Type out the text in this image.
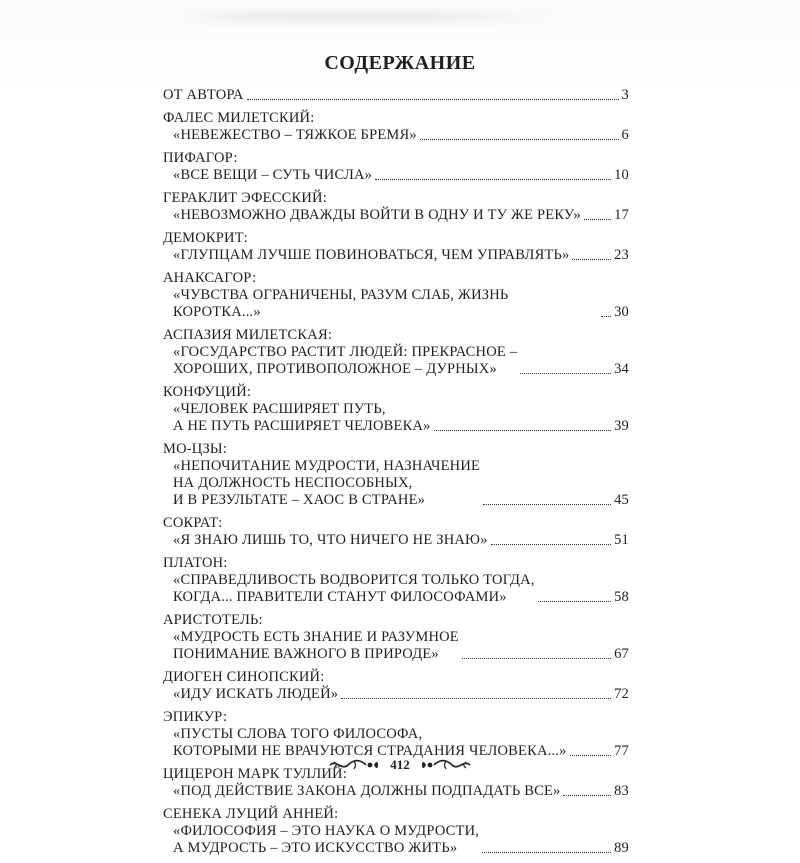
СОДЕРЖАНИЕ
ОТ АВТОРА	3
ФАЛЕС МИЛЕТСКИЙ:
«НЕВЕЖЕСТВО – ТЯЖКОЕ БРЕМЯ»	6
ПИФАГОР:
«ВСЕ ВЕЩИ – СУТЬ ЧИСЛА»	10
ГЕРАКЛИТ ЭФЕССКИЙ:
«НЕВОЗМОЖНО ДВАЖДЫ ВОЙТИ В ОДНУ И ТУ ЖЕ РЕКУ» 17
ДЕМОКРИТ:
«ГЛУПЦАМ ЛУЧШЕ ПОВИНОВАТЬСЯ, ЧЕМ УПРАВЛЯТЬ»	23
АНАКСАГОР:
«ЧУВСТВА ОГРАНИЧЕНЫ, РАЗУМ СЛАБ, ЖИЗНЬ КОРОТКА...»	30
АСПАЗИЯ МИЛЕТСКАЯ:
«ГОСУДАРСТВО РАСТИТ ЛЮДЕЙ: ПРЕКРАСНОЕ –
ХОРОШИХ, ПРОТИВОПОЛОЖНОЕ – ДУРНЫХ»	34
КОНФУЦИЙ:
«ЧЕЛОВЕК РАСШИРЯЕТ ПУТЬ,
А НЕ ПУТЬ РАСШИРЯЕТ ЧЕЛОВЕКА»	39
МО-ЦЗЫ:
«НЕПОЧИТАНИЕ МУДРОСТИ, НАЗНАЧЕНИЕ
НА ДОЛЖНОСТЬ НЕСПОСОБНЫХ,
И В РЕЗУЛЬТАТЕ – ХАОС В СТРАНЕ»	45
СОКРАТ:
«Я ЗНАЮ ЛИШЬ ТО, ЧТО НИЧЕГО НЕ ЗНАЮ»	51
ПЛАТОН:
«СПРАВЕДЛИВОСТЬ ВОДВОРИТСЯ ТОЛЬКО ТОГДА,
КОГДА... ПРАВИТЕЛИ СТАНУТ ФИЛОСОФАМИ»	58
АРИСТОТЕЛЬ:
«МУДРОСТЬ ЕСТЬ ЗНАНИЕ И РАЗУМНОЕ
ПОНИМАНИЕ ВАЖНОГО В ПРИРОДЕ»	67
ДИОГЕН СИНОПСКИЙ:
«ИДУ ИСКАТЬ ЛЮДЕЙ»	72
ЭПИКУР:
«ПУСТЫ СЛОВА ТОГО ФИЛОСОФА,
КОТОРЫМИ НЕ ВРАЧУЮТСЯ СТРАДАНИЯ ЧЕЛОВЕКА...»	77
ЦИЦЕРОН МАРК ТУЛЛИЙ:
«ПОД ДЕЙСТВИЕ ЗАКОНА ДОЛЖНЫ ПОДПАДАТЬ ВСЕ»	83
СЕНЕКА ЛУЦИЙ АННЕЙ:
«ФИЛОСОФИЯ – ЭТО НАУКА О МУДРОСТИ,
А МУДРОСТЬ – ЭТО ИСКУССТВО ЖИТЬ»	89
412
